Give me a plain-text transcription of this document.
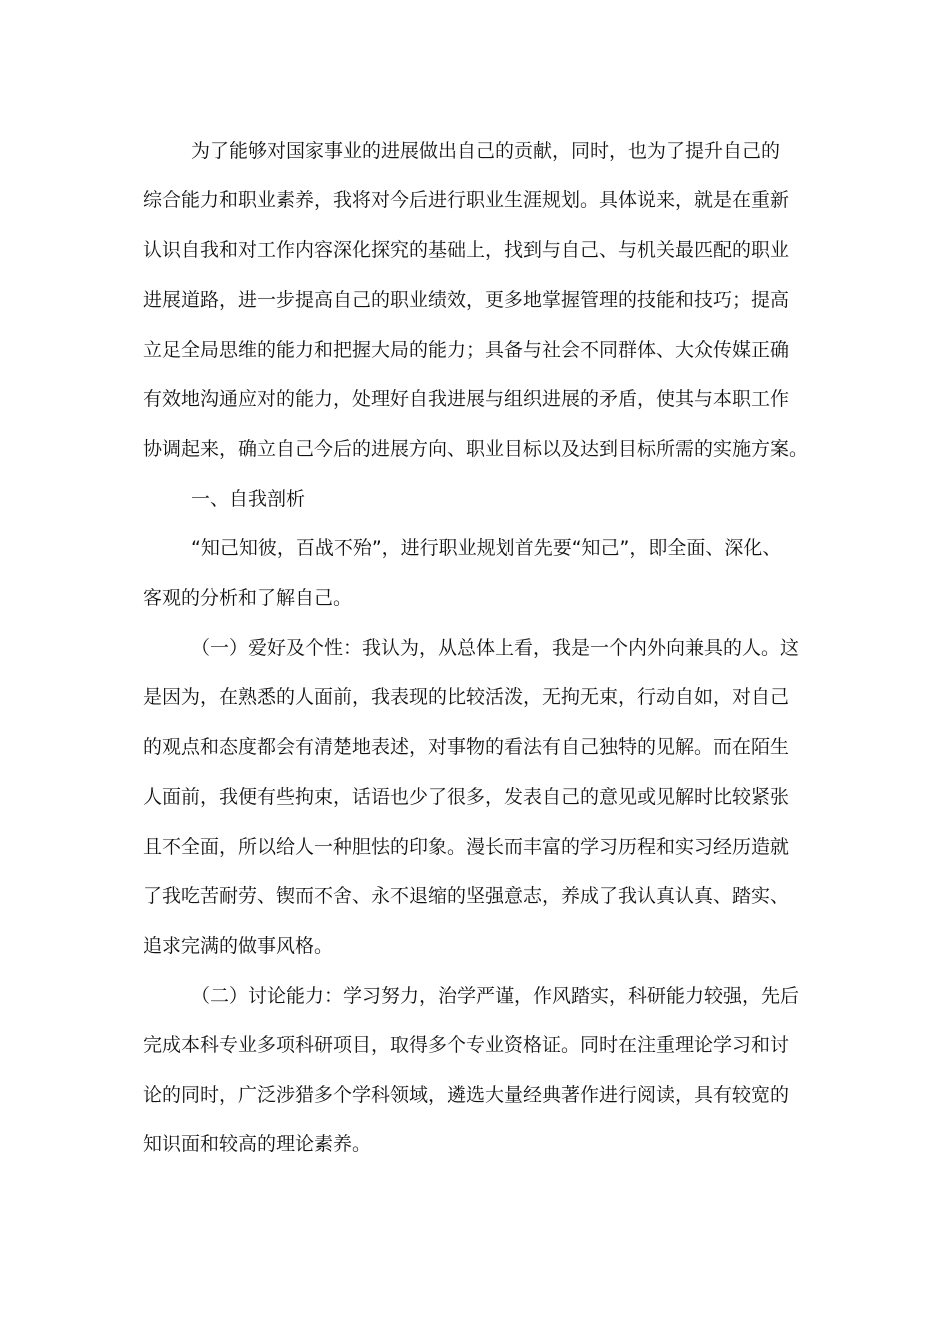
为了能够对国家事业的进展做出自己的贡献，同时，也为了提升自己的
综合能力和职业素养，我将对今后进行职业生涯规划。具体说来，就是在重新
认识自我和对工作内容深化探究的基础上，找到与自己、与机关最匹配的职业
进展道路，进一步提高自己的职业绩效，更多地掌握管理的技能和技巧；提高
立足全局思维的能力和把握大局的能力；具备与社会不同群体、大众传媒正确
有效地沟通应对的能力，处理好自我进展与组织进展的矛盾，使其与本职工作
协调起来，确立自己今后的进展方向、职业目标以及达到目标所需的实施方案。
一、自我剖析
“知己知彼，百战不殆”，进行职业规划首先要“知己”，即全面、深化、
客观的分析和了解自己。
（一）爱好及个性：我认为，从总体上看，我是一个内外向兼具的人。这
是因为，在熟悉的人面前，我表现的比较活泼，无拘无束，行动自如，对自己
的观点和态度都会有清楚地表述，对事物的看法有自己独特的见解。而在陌生
人面前，我便有些拘束，话语也少了很多，发表自己的意见或见解时比较紧张
且不全面，所以给人一种胆怯的印象。漫长而丰富的学习历程和实习经历造就
了我吃苦耐劳、锲而不舍、永不退缩的坚强意志，养成了我认真认真、踏实、
追求完满的做事风格。
（二）讨论能力：学习努力，治学严谨，作风踏实，科研能力较强，先后
完成本科专业多项科研项目，取得多个专业资格证。同时在注重理论学习和讨
论的同时，广泛涉猎多个学科领域，遴选大量经典著作进行阅读，具有较宽的
知识面和较高的理论素养。
